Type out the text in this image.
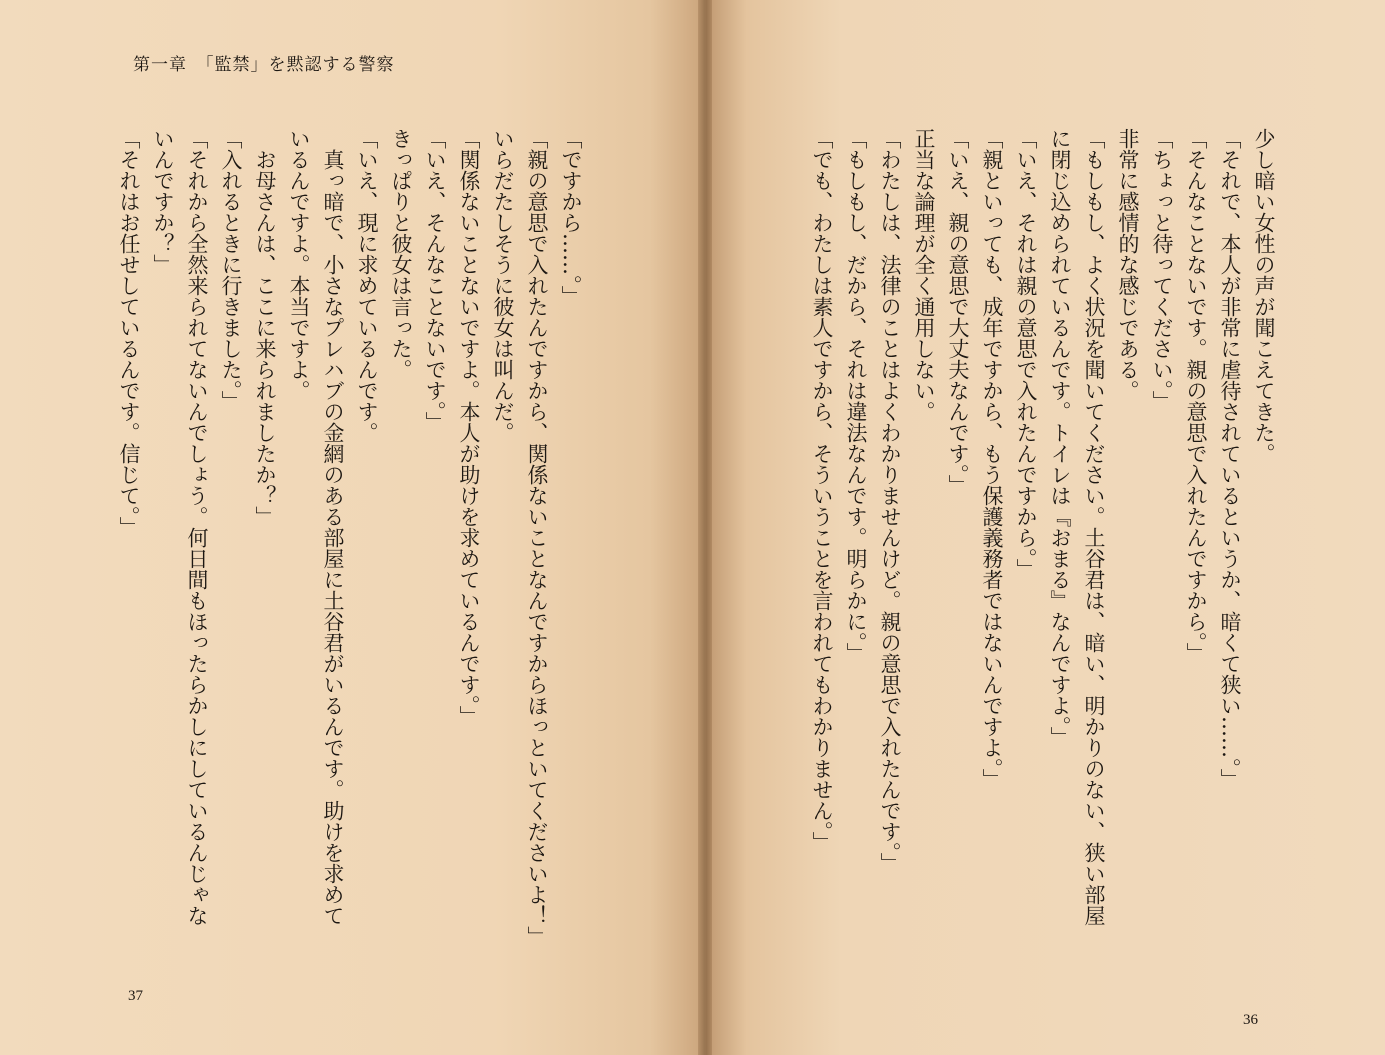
第一章　「監禁」を黙認する警察

「ですから……。」

「親の意思で入れたんですから、関係ないことなんですからほっといてくださいよ！」

いらだたしそうに彼女は叫んだ。

「関係ないことないですよ。本人が助けを求めているんです。」

「いえ、そんなことないです。」

きっぱりと彼女は言った。

「いえ、現に求めているんです。

　真っ暗で、小さなプレハブの金網のある部屋に土谷君がいるんです。助けを求めて

いるんですよ。本当ですよ。

　お母さんは、ここに来られましたか？」

「入れるときに行きました。」

「それから全然来られてないんでしょう。何日間もほったらかしにしているんじゃな

いんですか？」

「それはお任せしているんです。信じて。」

37

少し暗い女性の声が聞こえてきた。

「それで、本人が非常に虐待されているというか、暗くて狭い……。」

「そんなことないです。親の意思で入れたんですから。」

「ちょっと待ってください。」

非常に感情的な感じである。

「もしもし、よく状況を聞いてください。土谷君は、暗い、明かりのない、狭い部屋

に閉じ込められているんです。トイレは『おまる』なんですよ。」

「いえ、それは親の意思で入れたんですから。」

「親といっても、成年ですから、もう保護義務者ではないんですよ。」

「いえ、親の意思で大丈夫なんです。」

正当な論理が全く通用しない。

「わたしは、法律のことはよくわかりませんけど。親の意思で入れたんです。」

「もしもし、だから、それは違法なんです。明らかに。」

「でも、わたしは素人ですから、そういうことを言われてもわかりません。」

36
